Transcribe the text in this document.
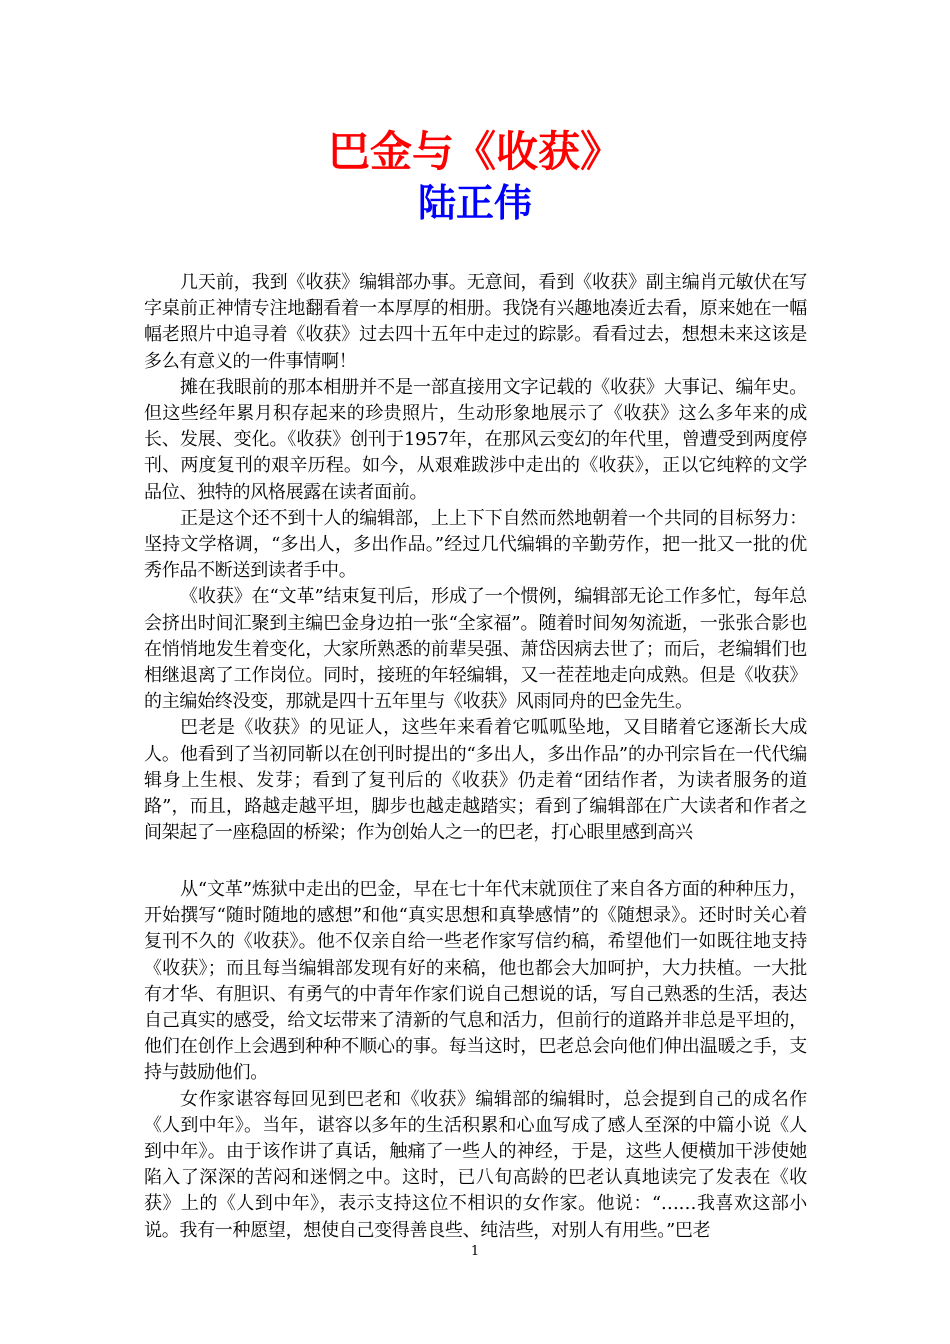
巴金与《收获》
陆正伟

几天前，我到《收获》编辑部办事。无意间，看到《收获》副主编肖元敏伏在写字桌前正神情专注地翻看着一本厚厚的相册。我饶有兴趣地凑近去看，原来她在一幅幅老照片中追寻着《收获》过去四十五年中走过的踪影。看看过去，想想未来这该是多么有意义的一件事情啊！

摊在我眼前的那本相册并不是一部直接用文字记载的《收获》大事记、编年史。但这些经年累月积存起来的珍贵照片，生动形象地展示了《收获》这么多年来的成长、发展、变化。《收获》创刊于1957年，在那风云变幻的年代里，曾遭受到两度停刊、两度复刊的艰辛历程。如今，从艰难跋涉中走出的《收获》，正以它纯粹的文学品位、独特的风格展露在读者面前。

正是这个还不到十人的编辑部，上上下下自然而然地朝着一个共同的目标努力：坚持文学格调，“多出人，多出作品。”经过几代编辑的辛勤劳作，把一批又一批的优秀作品不断送到读者手中。

《收获》在“文革”结束复刊后，形成了一个惯例，编辑部无论工作多忙，每年总会挤出时间汇聚到主编巴金身边拍一张“全家福”。随着时间匆匆流逝，一张张合影也在悄悄地发生着变化，大家所熟悉的前辈吴强、萧岱因病去世了；而后，老编辑们也相继退离了工作岗位。同时，接班的年轻编辑，又一茬茬地走向成熟。但是《收获》的主编始终没变，那就是四十五年里与《收获》风雨同舟的巴金先生。

巴老是《收获》的见证人，这些年来看着它呱呱坠地，又目睹着它逐渐长大成人。他看到了当初同靳以在创刊时提出的“多出人，多出作品”的办刊宗旨在一代代编辑身上生根、发芽；看到了复刊后的《收获》仍走着“团结作者，为读者服务的道路”，而且，路越走越平坦，脚步也越走越踏实；看到了编辑部在广大读者和作者之间架起了一座稳固的桥梁；作为创始人之一的巴老，打心眼里感到高兴

从“文革”炼狱中走出的巴金，早在七十年代末就顶住了来自各方面的种种压力，开始撰写“随时随地的感想”和他“真实思想和真挚感情”的《随想录》。还时时关心着复刊不久的《收获》。他不仅亲自给一些老作家写信约稿，希望他们一如既往地支持《收获》；而且每当编辑部发现有好的来稿，他也都会大加呵护，大力扶植。一大批有才华、有胆识、有勇气的中青年作家们说自己想说的话，写自己熟悉的生活，表达自己真实的感受，给文坛带来了清新的气息和活力，但前行的道路并非总是平坦的，他们在创作上会遇到种种不顺心的事。每当这时，巴老总会向他们伸出温暖之手，支持与鼓励他们。

女作家谌容每回见到巴老和《收获》编辑部的编辑时，总会提到自己的成名作《人到中年》。当年，谌容以多年的生活积累和心血写成了感人至深的中篇小说《人到中年》。由于该作讲了真话，触痛了一些人的神经，于是，这些人便横加干涉使她陷入了深深的苦闷和迷惘之中。这时，已八旬高龄的巴老认真地读完了发表在《收获》上的《人到中年》，表示支持这位不相识的女作家。他说：“……我喜欢这部小说。我有一种愿望，想使自己变得善良些、纯洁些，对别人有用些。”巴老

1
